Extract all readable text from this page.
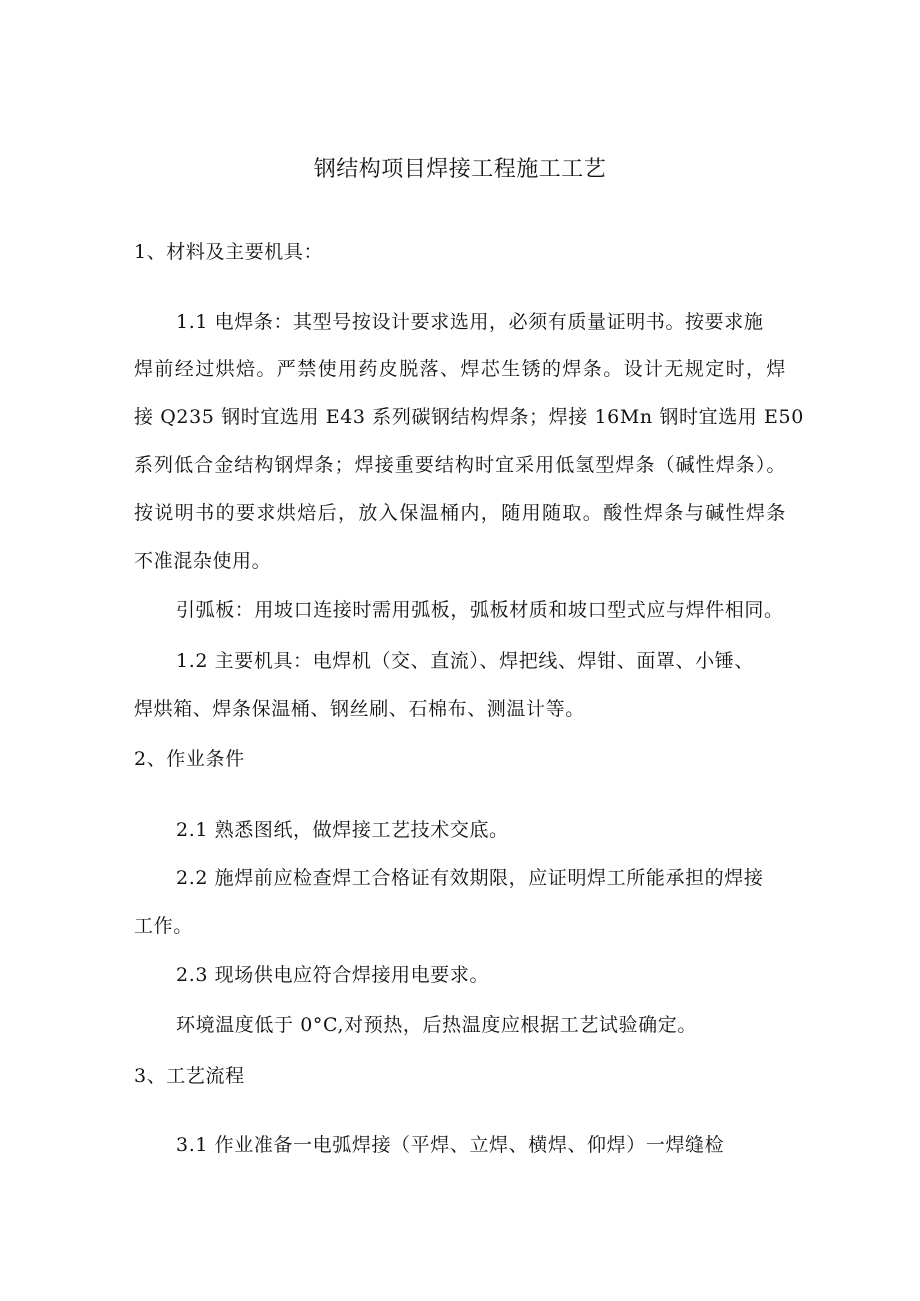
钢结构项目焊接工程施工工艺
1、材料及主要机具：
1.1 电焊条：其型号按设计要求选用，必须有质量证明书。按要求施
焊前经过烘焙。严禁使用药皮脱落、焊芯生锈的焊条。设计无规定时，焊
接 Q235 钢时宜选用 E43 系列碳钢结构焊条；焊接 16Mn 钢时宜选用 E50
系列低合金结构钢焊条；焊接重要结构时宜采用低氢型焊条（碱性焊条）。
按说明书的要求烘焙后，放入保温桶内，随用随取。酸性焊条与碱性焊条
不准混杂使用。
引弧板：用坡口连接时需用弧板，弧板材质和坡口型式应与焊件相同。
1.2 主要机具：电焊机（交、直流）、焊把线、焊钳、面罩、小锤、
焊烘箱、焊条保温桶、钢丝刷、石棉布、测温计等。
2、作业条件
2.1 熟悉图纸，做焊接工艺技术交底。
2.2 施焊前应检查焊工合格证有效期限，应证明焊工所能承担的焊接
工作。
2.3 现场供电应符合焊接用电要求。
环境温度低于 0°C,对预热，后热温度应根据工艺试验确定。
3、工艺流程
3.1 作业准备一电弧焊接（平焊、立焊、横焊、仰焊）一焊缝检
